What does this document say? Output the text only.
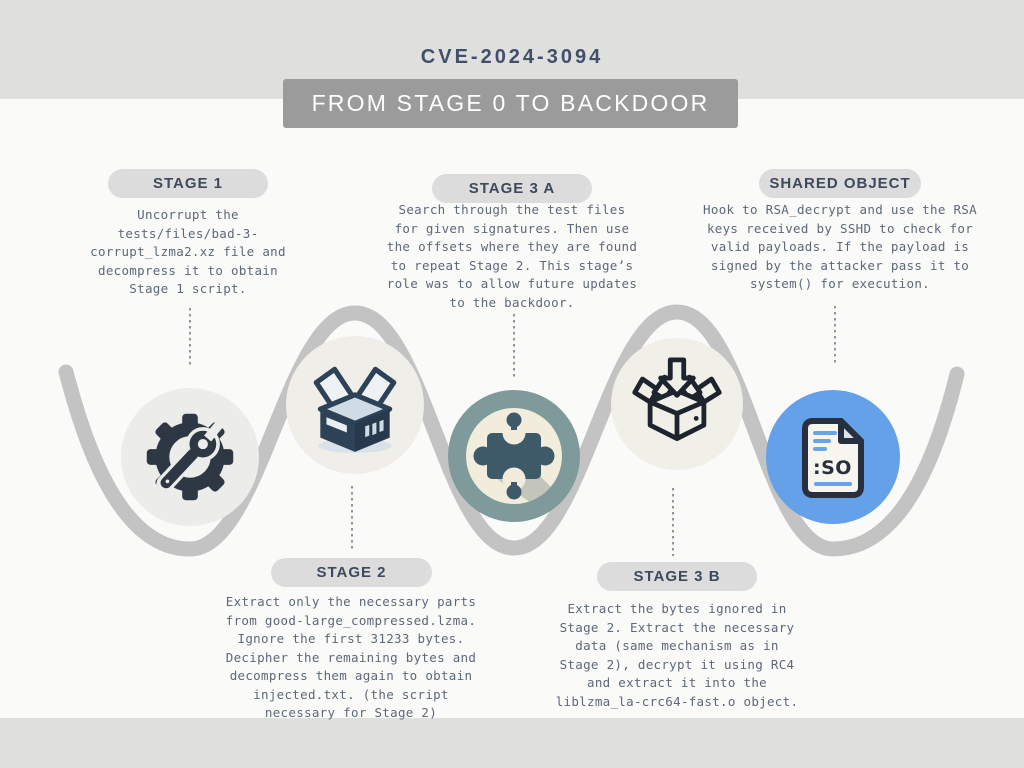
CVE-2024-3094
FROM STAGE 0 TO BACKDOOR
STAGE 1
Uncorrupt the
tests/files/bad-3-
corrupt_lzma2.xz file and
decompress it to obtain
Stage 1 script.
STAGE 2
Extract only the necessary parts
from good-large_compressed.lzma.
Ignore the first 31233 bytes.
Decipher the remaining bytes and
decompress them again to obtain
injected.txt. (the script
necessary for Stage 2)
STAGE 3 A
Search through the test files
for given signatures. Then use
the offsets where they are found
to repeat Stage 2. This stage’s
role was to allow future updates
to the backdoor.
STAGE 3 B
Extract the bytes ignored in
Stage 2. Extract the necessary
data (same mechanism as in
Stage 2), decrypt it using RC4
and extract it into the
liblzma_la-crc64-fast.o object.
SHARED OBJECT
Hook to RSA_decrypt and use the RSA
keys received by SSHD to check for
valid payloads. If the payload is
signed by the attacker pass it to
system() for execution.
:SO
